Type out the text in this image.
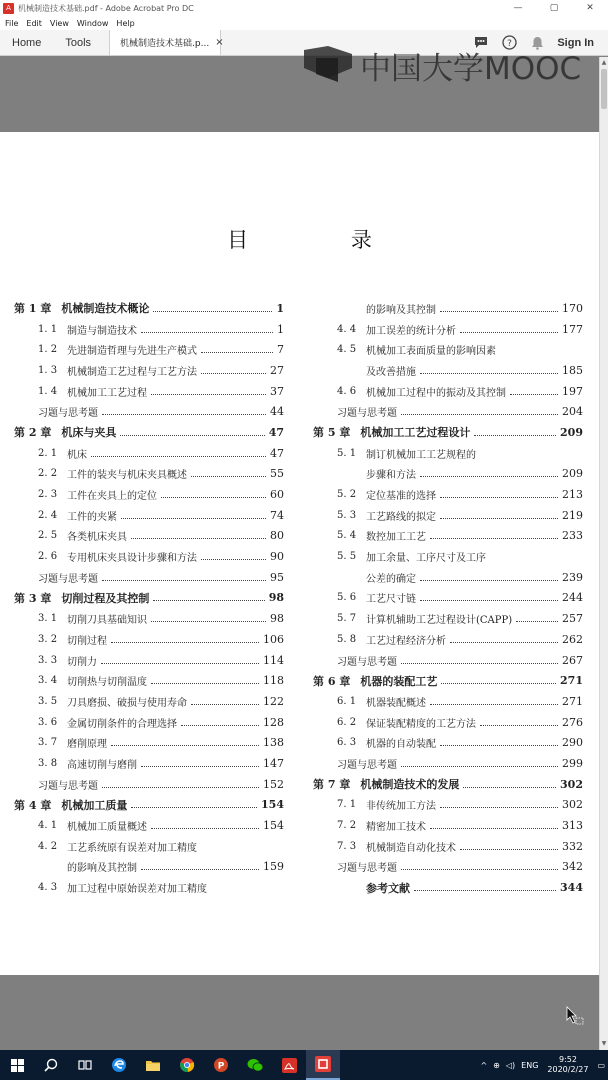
A 机械制造技术基础.pdf - Adobe Acrobat Pro DC	—	▢	✕
File Edit View Window Help
Home	Tools	机械制造技术基础.p... ×	?	Sign In
中国大学MOOC
目 录
第 1 章 机械制造技术概论	1
1. 1 制造与制造技术	1
1. 2 先进制造哲理与先进生产模式	7
1. 3 机械制造工艺过程与工艺方法	27
1. 4 机械加工工艺过程	37
习题与思考题	44
第 2 章 机床与夹具	47
2. 1 机床	47
2. 2 工件的装夹与机床夹具概述	55
2. 3 工件在夹具上的定位	60
2. 4 工件的夹紧	74
2. 5 各类机床夹具	80
2. 6 专用机床夹具设计步骤和方法	90
习题与思考题	95
第 3 章 切削过程及其控制	98
3. 1 切削刀具基础知识	98
3. 2 切削过程	106
3. 3 切削力	114
3. 4 切削热与切削温度	118
3. 5 刀具磨损、破损与使用寿命	122
3. 6 金属切削条件的合理选择	128
3. 7 磨削原理	138
3. 8 高速切削与磨削	147
习题与思考题	152
第 4 章 机械加工质量	154
4. 1 机械加工质量概述	154
4. 2 工艺系统原有误差对加工精度
的影响及其控制	159
4. 3 加工过程中原始误差对加工精度
的影响及其控制	170
4. 4 加工误差的统计分析	177
4. 5 机械加工表面质量的影响因素
及改善措施	185
4. 6 机械加工过程中的振动及其控制	197
习题与思考题	204
第 5 章 机械加工工艺过程设计	209
5. 1 制订机械加工工艺规程的
步骤和方法	209
5. 2 定位基准的选择	213
5. 3 工艺路线的拟定	219
5. 4 数控加工工艺	233
5. 5 加工余量、工序尺寸及工序
公差的确定	239
5. 6 工艺尺寸链	244
5. 7 计算机辅助工艺过程设计(CAPP)	257
5. 8 工艺过程经济分析	262
习题与思考题	267
第 6 章 机器的装配工艺	271
6. 1 机器装配概述	271
6. 2 保证装配精度的工艺方法	276
6. 3 机器的自动装配	290
习题与思考题	299
第 7 章 机械制造技术的发展	302
7. 1 非传统加工方法	302
7. 2 精密加工技术	313
7. 3 机械制造自动化技术	332
习题与思考题	342
参考文献	344
▲
▼
P	^ ⊕ ◁) ENG
9:52
2020/2/27 ▭
